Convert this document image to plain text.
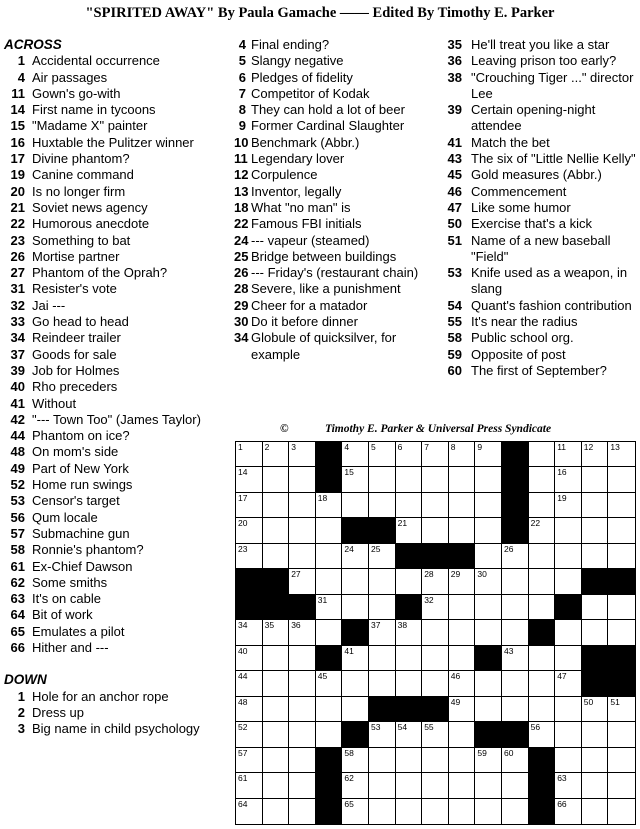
"SPIRITED AWAY" By Paula Gamache —— Edited By Timothy E. Parker
ACROSS
1 Accidental occurrence
4 Air passages
11 Gown's go-with
14 First name in tycoons
15 "Madame X" painter
16 Huxtable the Pulitzer winner
17 Divine phantom?
19 Canine command
20 Is no longer firm
21 Soviet news agency
22 Humorous anecdote
23 Something to bat
26 Mortise partner
27 Phantom of the Oprah?
31 Resister's vote
32 Jai ---
33 Go head to head
34 Reindeer trailer
37 Goods for sale
39 Job for Holmes
40 Rho preceders
41 Without
42 "--- Town Too" (James Taylor)
44 Phantom on ice?
48 On mom's side
49 Part of New York
52 Home run swings
53 Censor's target
56 Qum locale
57 Submachine gun
58 Ronnie's phantom?
61 Ex-Chief Dawson
62 Some smiths
63 It's on cable
64 Bit of work
65 Emulates a pilot
66 Hither and ---
DOWN
1 Hole for an anchor rope
2 Dress up
3 Big name in child psychology
4 Final ending?
5 Slangy negative
6 Pledges of fidelity
7 Competitor of Kodak
8 They can hold a lot of beer
9 Former Cardinal Slaughter
10 Benchmark (Abbr.)
11 Legendary lover
12 Corpulence
13 Inventor, legally
18 What "no man" is
22 Famous FBI initials
24 --- vapeur (steamed)
25 Bridge between buildings
26 --- Friday's (restaurant chain)
28 Severe, like a punishment
29 Cheer for a matador
30 Do it before dinner
34 Globule of quicksilver, for example
35 He'll treat you like a star
36 Leaving prison too early?
38 "Crouching Tiger ..." director Lee
39 Certain opening-night attendee
41 Match the bet
43 The six of "Little Nellie Kelly"
45 Gold measures (Abbr.)
46 Commencement
47 Like some humor
50 Exercise that's a kick
51 Name of a new baseball "Field"
53 Knife used as a weapon, in slang
54 Quant's fashion contribution
55 It's near the radius
58 Public school org.
59 Opposite of post
60 The first of September?
©	Timothy E. Parker & Universal Press Syndicate
1	2	3	4	5	6	7	8	9	11 12 13
14	15	16
17	18	19
20	21	22
23	24 25	26
27	28 29 30
31	32
34 35 36	37 38
40	41	43
44	45	46	47
48	49	50 51
52	53 54 55	56
57	58	59 60
61	62	63
64	65	66
